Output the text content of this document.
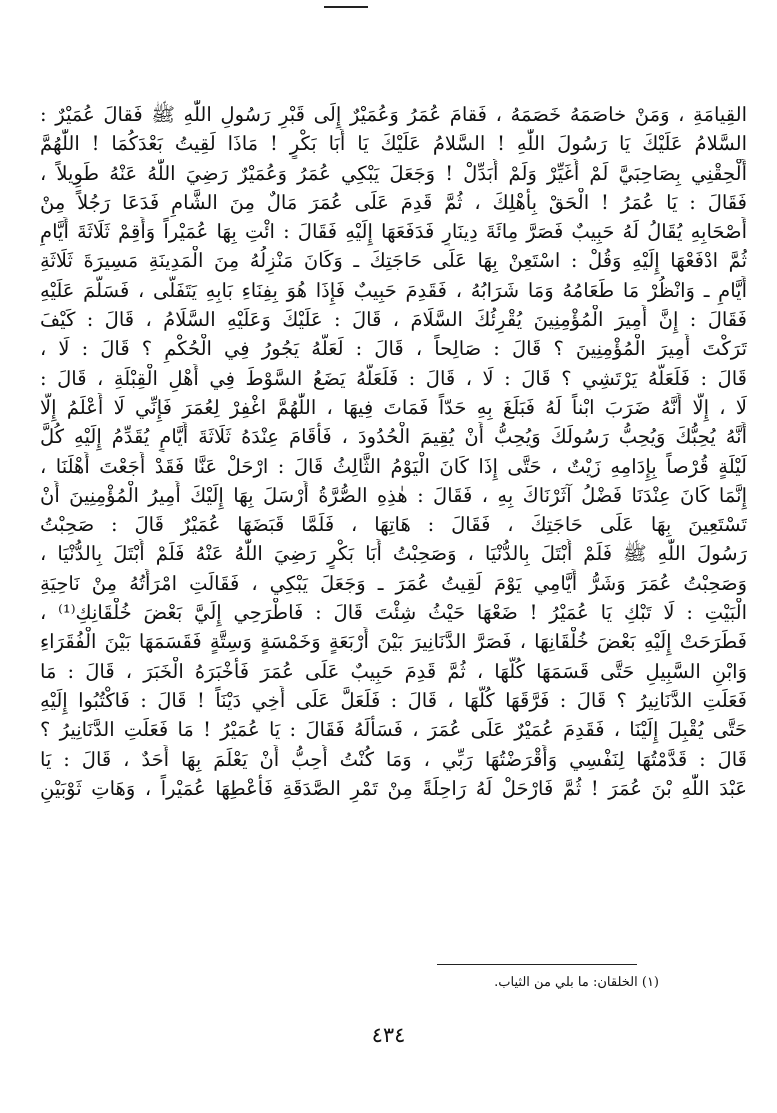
القِيامَةِ ، وَمَنْ خاصَمَهُ خَصَمَهُ ، فَقامَ عُمَرُ وَعُمَيْرٌ إِلَى قَبْرِ رَسُولِ اللّٰهِ ﷺ فَقالَ عُمَيْرٌ :
السَّلامُ عَلَيْكَ يَا رَسُولَ اللّٰهِ ! السَّلامُ عَلَيْكَ يَا أَبَا بَكْرٍ ! مَاذَا لَقِيتُ بَعْدَكُمَا ! اللّٰهُمَّ
أَلْحِقْنِي بِصَاحِبَيَّ لَمْ أُغَيِّرْ وَلَمْ أُبَدِّلْ ! وَجَعَلَ يَبْكِي عُمَرُ وَعُمَيْرٌ رَضِيَ اللّٰهُ عَنْهُ طَوِيلاً ،
فَقَالَ : يَا عُمَرُ ! الْحَقْ بِأَهْلِكَ ، ثُمَّ قَدِمَ عَلَى عُمَرَ مَالٌ مِنَ الشَّامِ فَدَعَا رَجُلاً مِنْ
أَصْحَابِهِ يُقَالُ لَهُ حَبِيبٌ فَصَرَّ مِائَةَ دِينَارٍ فَدَفَعَهَا إِلَيْهِ فَقَالَ : ائْتِ بِهَا عُمَيْراً وَأَقِمْ ثَلَاثَةَ أَيَّامٍ
ثُمَّ ادْفَعْهَا إِلَيْهِ وَقُلْ : اسْتَعِنْ بِهَا عَلَى حَاجَتِكَ ـ وَكَانَ مَنْزِلُهُ مِنَ الْمَدِينَةِ مَسِيرَةَ ثَلَاثَةِ
أَيَّامٍ ـ وَانْظُرْ مَا طَعَامُهُ وَمَا شَرَابُهُ ، فَقَدِمَ حَبِيبٌ فَإِذَا هُوَ بِفِنَاءِ بَابِهِ يَتَفَلَّى ، فَسَلَّمَ عَلَيْهِ
فَقَالَ : إِنَّ أَمِيرَ الْمُؤْمِنِينَ يُقْرِئُكَ السَّلَامَ ، قَالَ : عَلَيْكَ وَعَلَيْهِ السَّلَامُ ، قَالَ : كَيْفَ
تَرَكْتَ أَمِيرَ الْمُؤْمِنِينَ ؟ قَالَ : صَالِحاً ، قَالَ : لَعَلَّهُ يَجُورُ فِي الْحُكْمِ ؟ قَالَ : لَا ،
قَالَ : فَلَعَلَّهُ يَرْتَشِي ؟ قَالَ : لَا ، قَالَ : فَلَعَلَّهُ يَضَعُ السَّوْطَ فِي أَهْلِ الْقِبْلَةِ ، قَالَ :
لَا ، إِلَّا أَنَّهُ ضَرَبَ ابْناً لَهُ فَبَلَغَ بِهِ حَدّاً فَمَاتَ فِيهَا ، اللّٰهُمَّ اغْفِرْ لِعُمَرَ فَإِنِّي لَا أَعْلَمُ إِلَّا
أَنَّهُ يُحِبُّكَ وَيُحِبُّ رَسُولَكَ وَيُحِبُّ أَنْ يُقِيمَ الْحُدُودَ ، فَأَقَامَ عِنْدَهُ ثَلَاثَةَ أَيَّامٍ يُقَدِّمُ إِلَيْهِ كُلَّ
لَيْلَةٍ قُرْصاً بِإِدَامِهِ زَيْتٌ ، حَتَّى إِذَا كَانَ الْيَوْمُ الثَّالِثُ قَالَ : ارْحَلْ عَنَّا فَقَدْ أَجَعْتَ أَهْلَنَا ،
إِنَّمَا كَانَ عِنْدَنَا فَضْلُ آثَرْنَاكَ بِهِ ، فَقَالَ : هٰذِهِ الصُّرَّةُ أَرْسَلَ بِهَا إِلَيْكَ أَمِيرُ الْمُؤْمِنِينَ أَنْ
تَسْتَعِينَ بِهَا عَلَى حَاجَتِكَ ، فَقَالَ : هَاتِهَا ، فَلَمَّا قَبَضَهَا عُمَيْرٌ قَالَ : صَحِبْتُ
رَسُولَ اللّٰهِ ﷺ فَلَمْ أُبْتَلَ بِالدُّنْيَا ، وَصَحِبْتُ أَبَا بَكْرٍ رَضِيَ اللّٰهُ عَنْهُ فَلَمْ أُبْتَلَ بِالدُّنْيَا ،
وَصَحِبْتُ عُمَرَ وَشَرُّ أَيَّامِي يَوْمَ لَقِيتُ عُمَرَ ـ وَجَعَلَ يَبْكِي ، فَقَالَتِ امْرَأَتُهُ مِنْ نَاحِيَةِ
الْبَيْتِ : لَا تَبْكِ يَا عُمَيْرُ ! ضَعْهَا حَيْثُ شِئْتَ قَالَ : فَاطْرَحِي إِلَيَّ بَعْضَ خُلْقَانِكِ⁽¹⁾ ،
فَطَرَحَتْ إِلَيْهِ بَعْضَ خُلْقَانِهَا ، فَصَرَّ الدَّنَانِيرَ بَيْنَ أَرْبَعَةٍ وَخَمْسَةٍ وَسِتَّةٍ فَقَسَمَهَا بَيْنَ الْفُقَرَاءِ
وَابْنِ السَّبِيلِ حَتَّى قَسَمَهَا كُلَّهَا ، ثُمَّ قَدِمَ حَبِيبٌ عَلَى عُمَرَ فَأَخْبَرَهُ الْخَبَرَ ، قَالَ : مَا
فَعَلَتِ الدَّنَانِيرُ ؟ قَالَ : فَرَّقَهَا كُلَّهَا ، قَالَ : فَلَعَلَّ عَلَى أَخِي دَيْنَاً ! قَالَ : فَاكْتُبُوا إِلَيْهِ
حَتَّى يُقْبِلَ إِلَيْنَا ، فَقَدِمَ عُمَيْرٌ عَلَى عُمَرَ ، فَسَأَلَهُ فَقَالَ : يَا عُمَيْرُ ! مَا فَعَلَتِ الدَّنَانِيرُ ؟
قَالَ : قَدَّمْتُهَا لِنَفْسِي وَأَقْرَضْتُهَا رَبِّي ، وَمَا كُنْتُ أُحِبُّ أَنْ يَعْلَمَ بِهَا أَحَدٌ ، قَالَ : يَا
عَبْدَ اللّٰهِ بْنَ عُمَرَ ! ثُمَّ فَارْحَلْ لَهُ رَاحِلَةً مِنْ تَمْرِ الصَّدَقَةِ فَأَعْطِهَا عُمَيْراً ، وَهَاتِ ثَوْبَيْنِ
(١) الخلقان: ما بلي من الثياب.
٤٣٤
